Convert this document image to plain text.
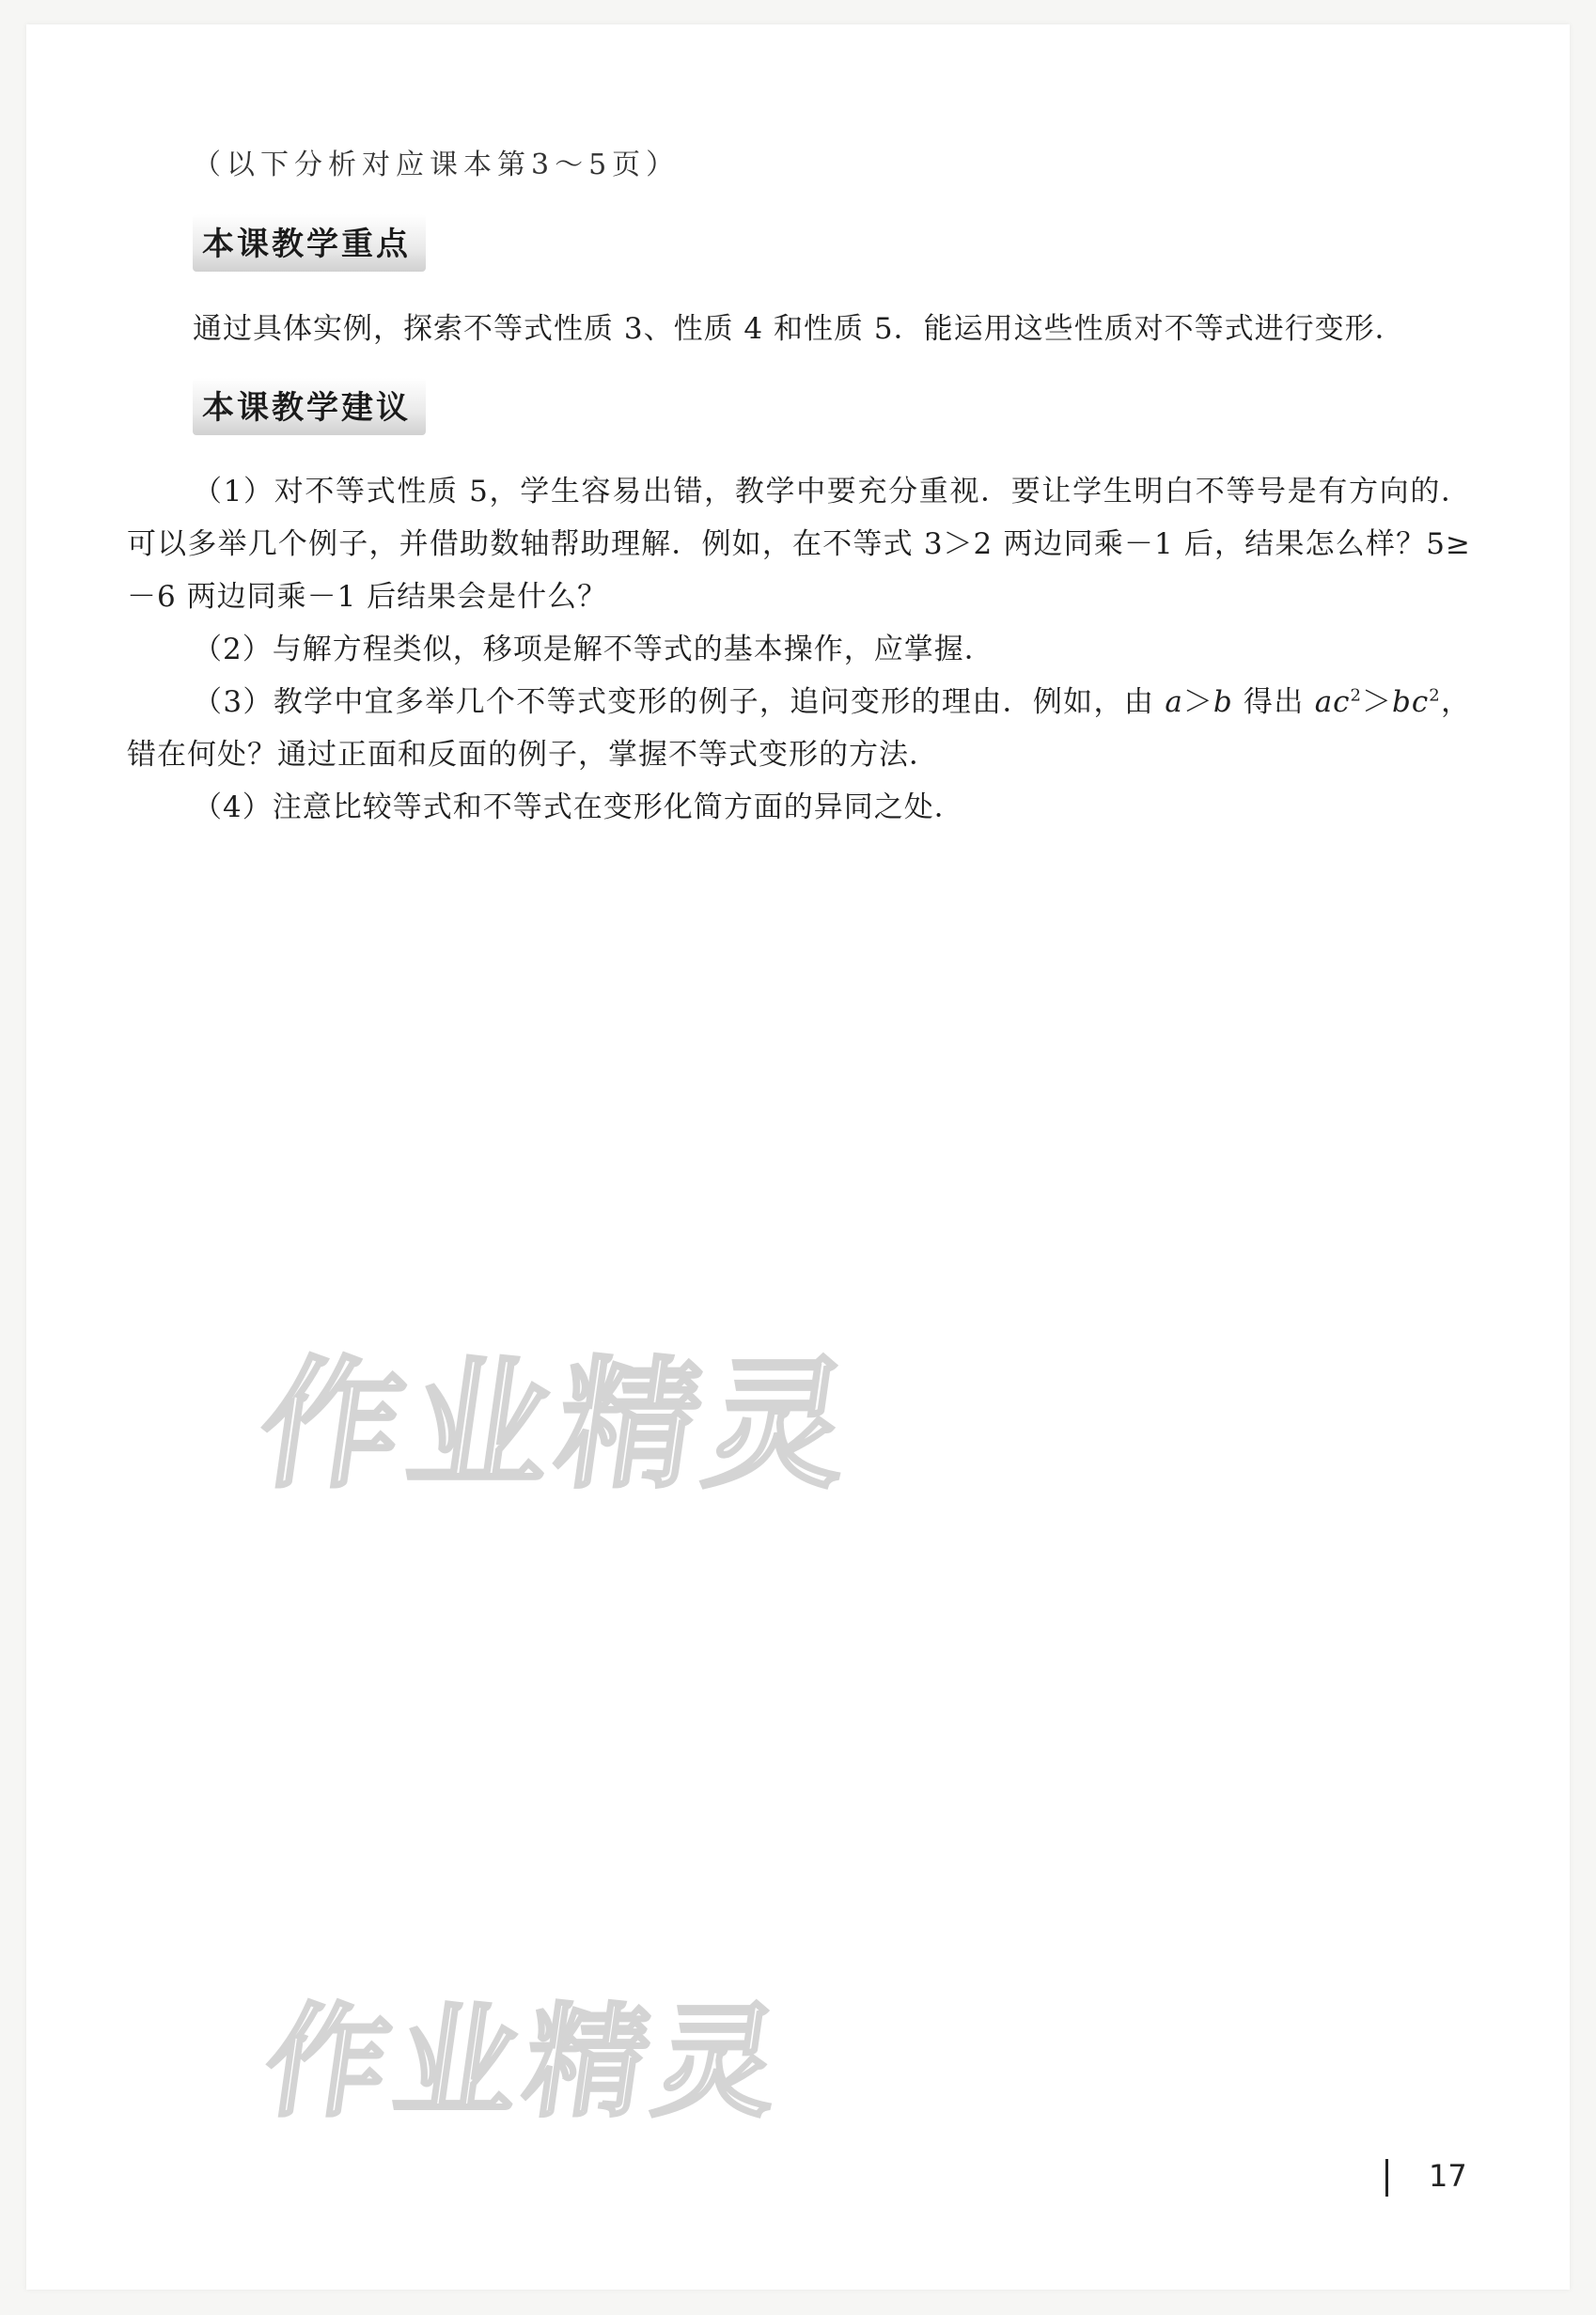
（以下分析对应课本第3～5页）
本课教学重点
通过具体实例，探索不等式性质 3、性质 4 和性质 5．能运用这些性质对不等式进行变形．
本课教学建议

（1）对不等式性质 5，学生容易出错，教学中要充分重视．要让学生明白不等号是有方向的．可以多举几个例子，并借助数轴帮助理解．例如，在不等式 3＞2 两边同乘－1 后，结果怎么样？5≥－6 两边同乘－1 后结果会是什么？

（2）与解方程类似，移项是解不等式的基本操作，应掌握．

（3）教学中宜多举几个不等式变形的例子，追问变形的理由．例如，由 a＞b 得出 $ac^2>bc^2$，错在何处？通过正面和反面的例子，掌握不等式变形的方法．

（4）注意比较等式和不等式在变形化简方面的异同之处．

作业精灵
作业精灵
17
